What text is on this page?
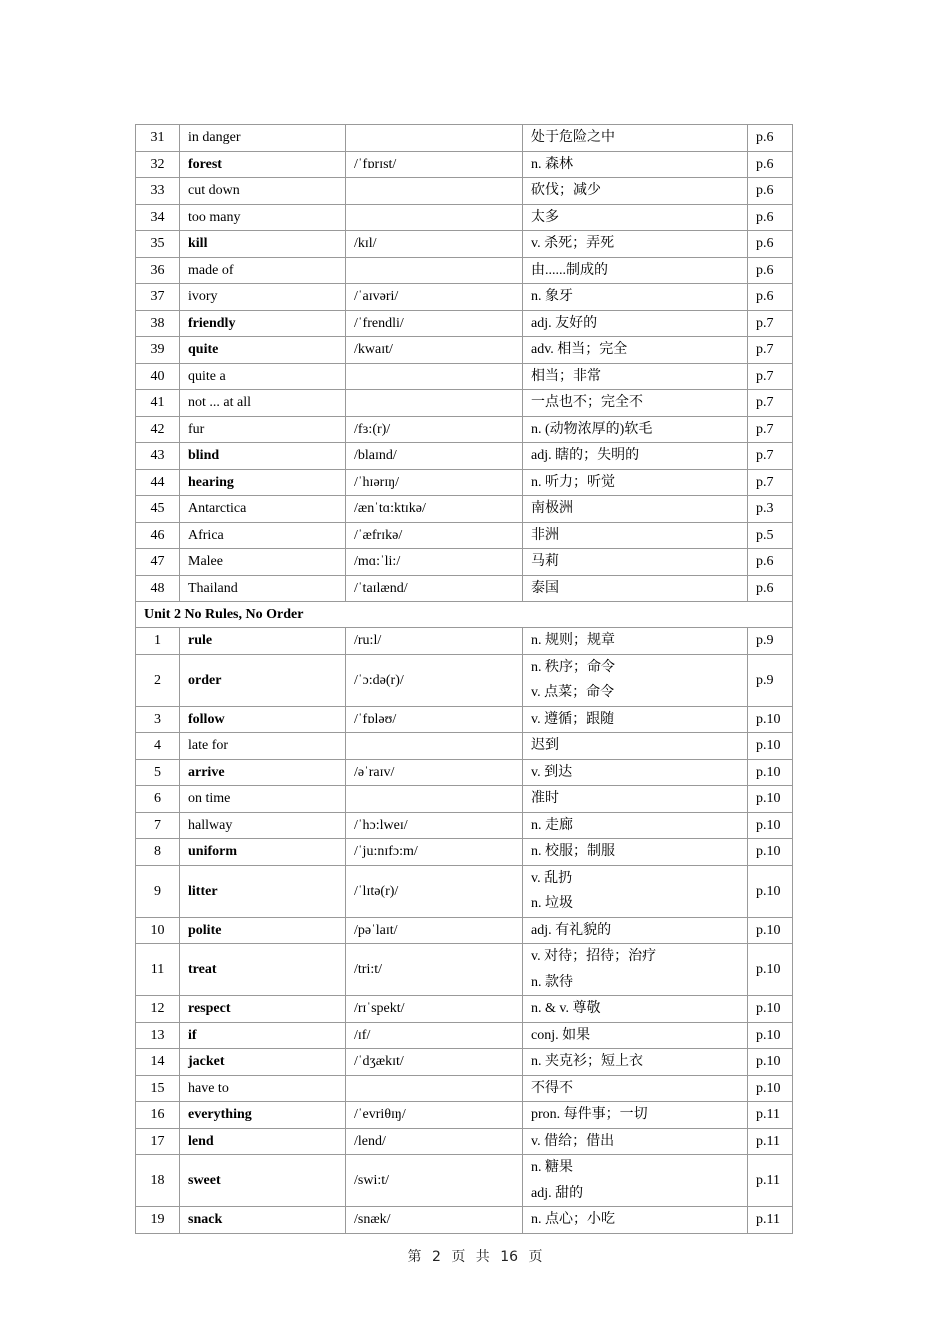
31	in danger		处于危险之中	p.6
32	forest	/ˈfɒrɪst/	n. 森林	p.6
33	cut down		砍伐；减少	p.6
34	too many		太多	p.6
35	kill	/kɪl/	v. 杀死；弄死	p.6
36	made of		由......制成的	p.6
37	ivory	/ˈaɪvəri/	n. 象牙	p.6
38	friendly	/ˈfrendli/	adj. 友好的	p.7
39	quite	/kwaɪt/	adv. 相当；完全	p.7
40	quite a		相当；非常	p.7
41	not ... at all		一点也不；完全不	p.7
42	fur	/fɜ:(r)/	n. (动物浓厚的)软毛	p.7
43	blind	/blaɪnd/	adj. 瞎的；失明的	p.7
44	hearing	/ˈhɪərɪŋ/	n. 听力；听觉	p.7
45	Antarctica	/ænˈtɑ:ktɪkə/	南极洲	p.3
46	Africa	/ˈæfrɪkə/	非洲	p.5
47	Malee	/mɑ:ˈli:/	马莉	p.6
48	Thailand	/ˈtaɪlænd/	泰国	p.6
Unit 2 No Rules, No Order				
1	rule	/ru:l/	n. 规则；规章	p.9
2	order	/ˈɔ:də(r)/	n. 秩序；命令
v. 点菜；命令	p.9
3	follow	/ˈfɒləʊ/	v. 遵循；跟随	p.10
4	late for		迟到	p.10
5	arrive	/əˈraɪv/	v. 到达	p.10
6	on time		准时	p.10
7	hallway	/ˈhɔ:lweɪ/	n. 走廊	p.10
8	uniform	/ˈju:nɪfɔ:m/	n. 校服；制服	p.10
9	litter	/ˈlɪtə(r)/	v. 乱扔
n. 垃圾	p.10
10	polite	/pəˈlaɪt/	adj. 有礼貌的	p.10
11	treat	/tri:t/	v. 对待；招待；治疗
n. 款待	p.10
12	respect	/rɪˈspekt/	n. & v. 尊敬	p.10
13	if	/ɪf/	conj. 如果	p.10
14	jacket	/ˈdʒækɪt/	n. 夹克衫；短上衣	p.10
15	have to		不得不	p.10
16	everything	/ˈevriθɪŋ/	pron. 每件事；一切	p.11
17	lend	/lend/	v. 借给；借出	p.11
18	sweet	/swi:t/	n. 糖果
adj. 甜的	p.11
19	snack	/snæk/	n. 点心；小吃	p.11
第 2 页 共 16 页
